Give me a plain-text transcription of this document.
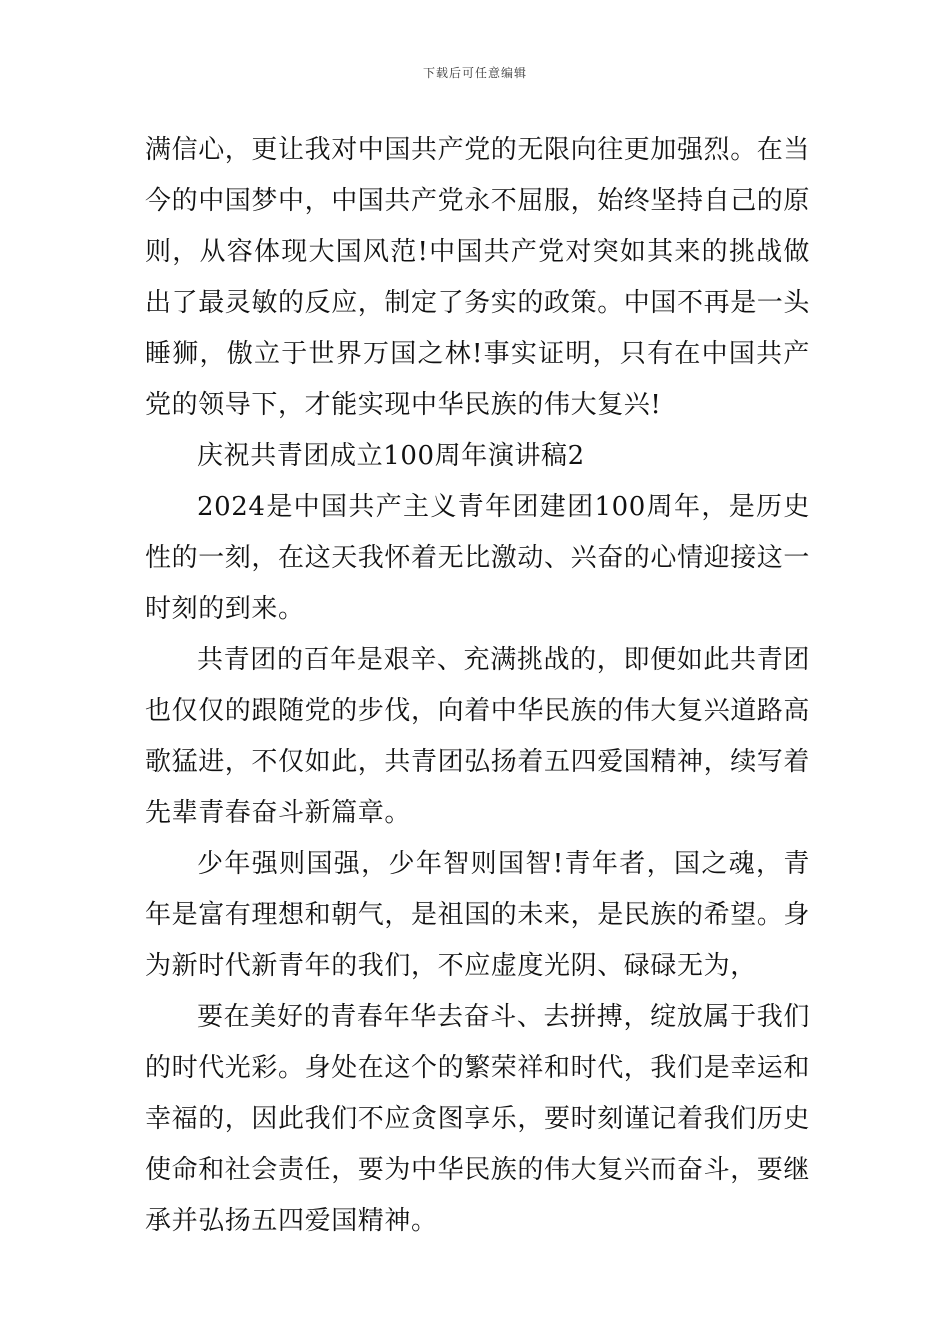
下载后可任意编辑

满信心，更让我对中国共产党的无限向往更加强烈。在当今的中国梦中，中国共产党永不屈服，始终坚持自己的原则，从容体现大国风范!中国共产党对突如其来的挑战做出了最灵敏的反应，制定了务实的政策。中国不再是一头睡狮，傲立于世界万国之林!事实证明，只有在中国共产党的领导下，才能实现中华民族的伟大复兴!

庆祝共青团成立100周年演讲稿2

2024是中国共产主义青年团建团100周年，是历史性的一刻，在这天我怀着无比激动、兴奋的心情迎接这一时刻的到来。

共青团的百年是艰辛、充满挑战的，即便如此共青团也仅仅的跟随党的步伐，向着中华民族的伟大复兴道路高歌猛进，不仅如此，共青团弘扬着五四爱国精神，续写着先辈青春奋斗新篇章。

少年强则国强，少年智则国智!青年者，国之魂，青年是富有理想和朝气，是祖国的未来，是民族的希望。身为新时代新青年的我们，不应虚度光阴、碌碌无为，

要在美好的青春年华去奋斗、去拼搏，绽放属于我们的时代光彩。身处在这个的繁荣祥和时代，我们是幸运和幸福的，因此我们不应贪图享乐，要时刻谨记着我们历史使命和社会责任，要为中华民族的伟大复兴而奋斗，要继承并弘扬五四爱国精神。
